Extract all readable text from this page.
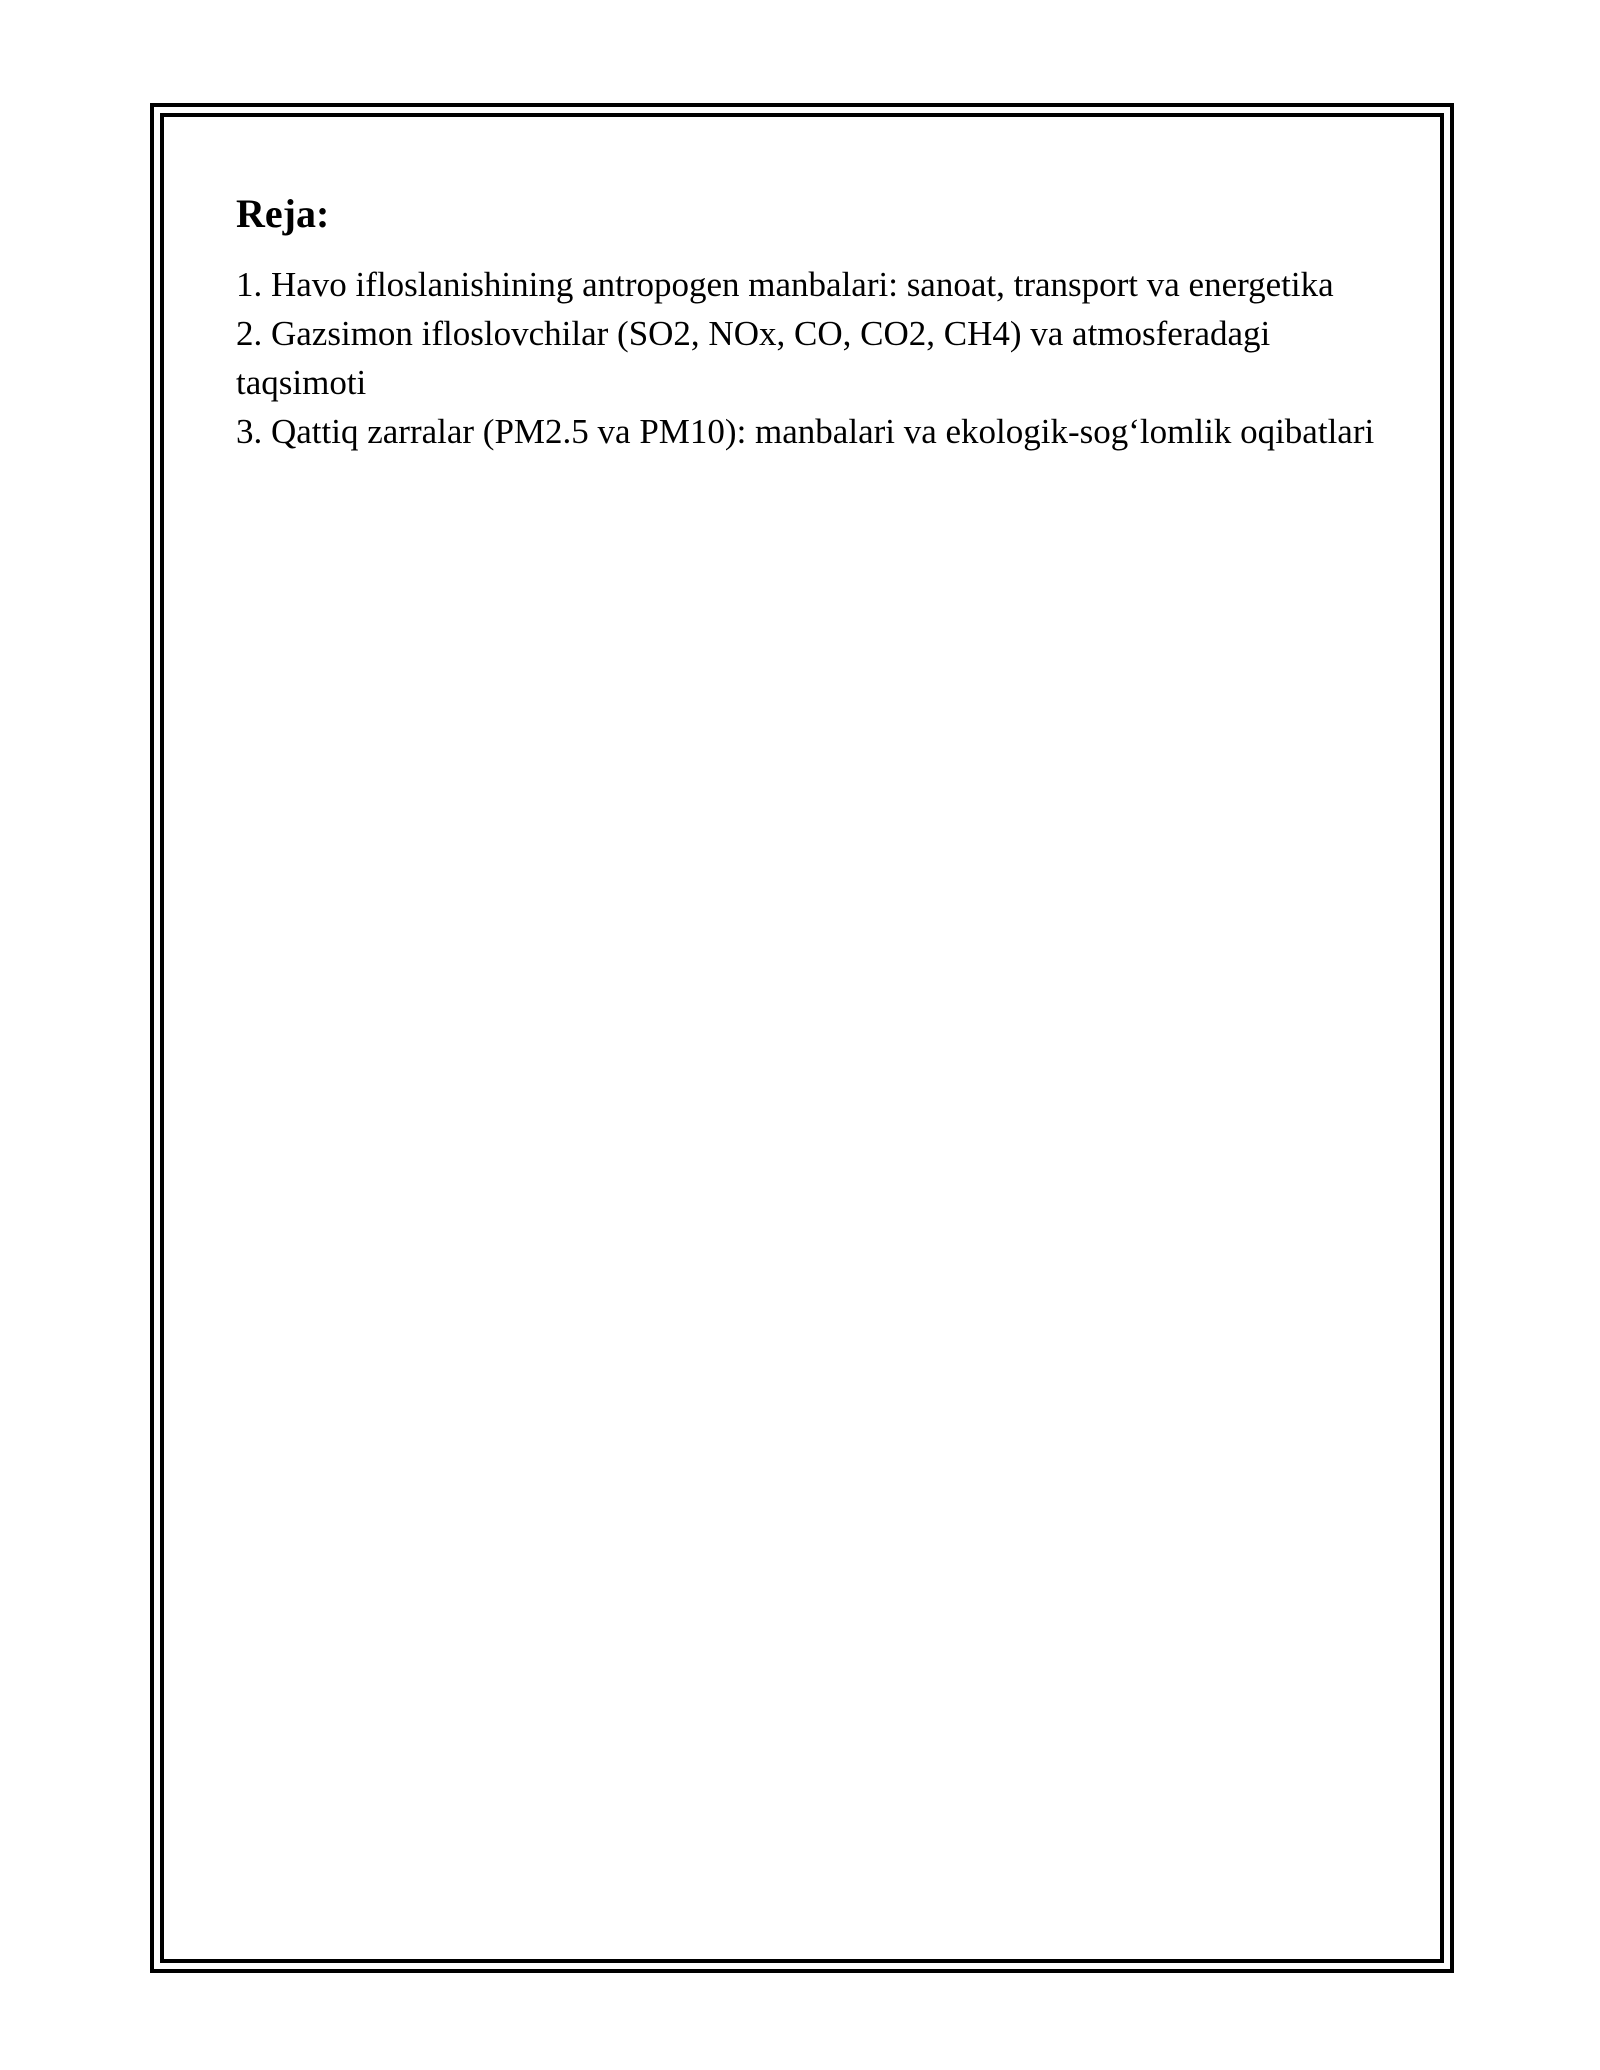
Reja:
1. Havo ifloslanishining antropogen manbalari: sanoat, transport va energetika
2. Gazsimon ifloslovchilar (SO2, NOx, CO, CO2, CH4) va atmosferadagi taqsimoti
3. Qattiq zarralar (PM2.5 va PM10): manbalari va ekologik-sog‘lomlik oqibatlari
